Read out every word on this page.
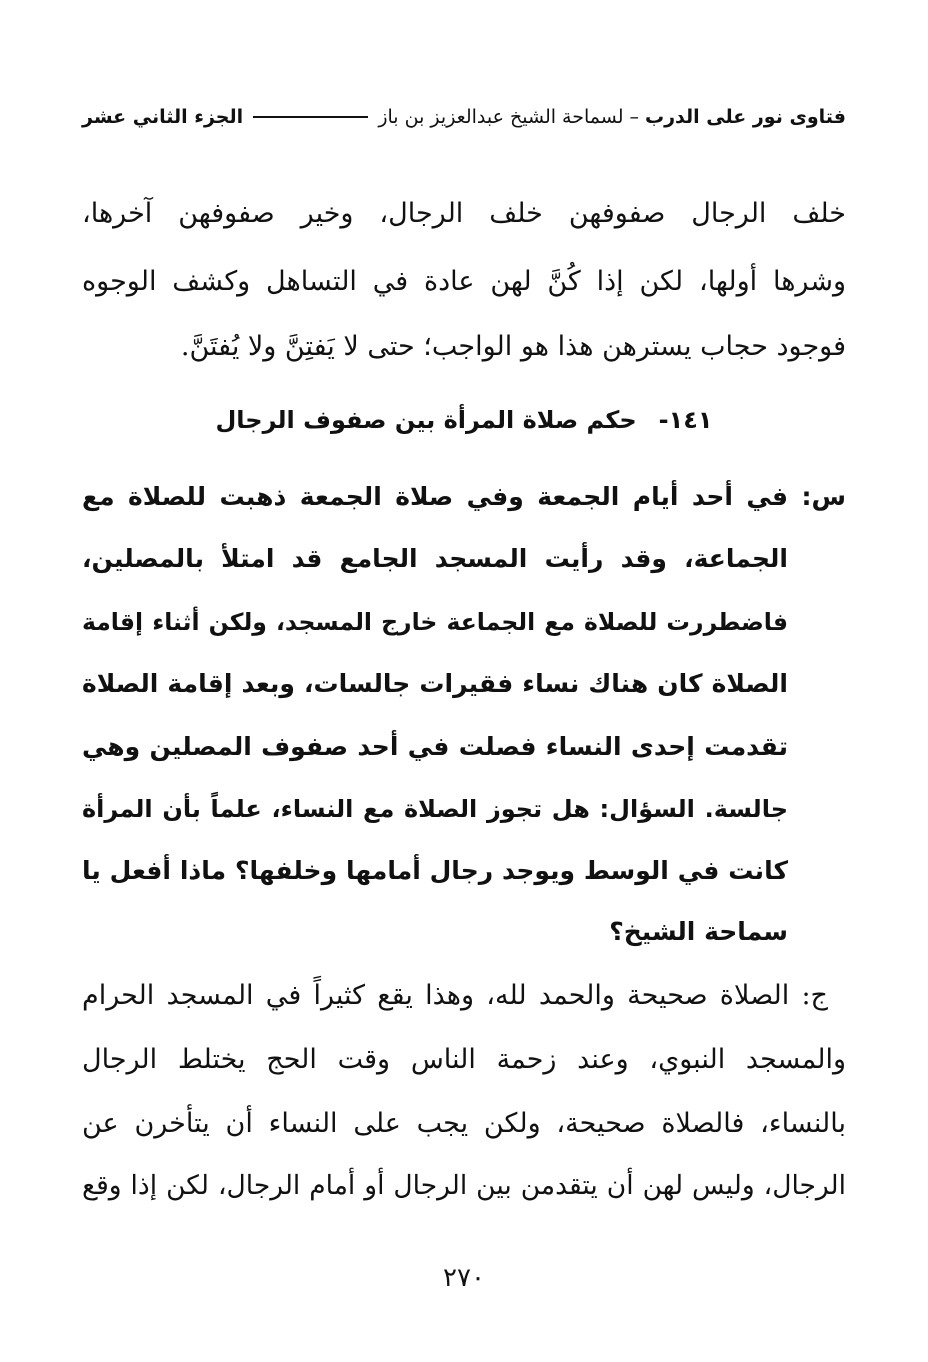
فتاوى نور على الدرب
–
لسماحة الشيخ عبدالعزيز بن باز
الجزء الثاني عشر
خلف الرجال صفوفهن خلف الرجال، وخير صفوفهن آخرها،
وشرها أولها، لكن إذا كُنَّ لهن عادة في التساهل وكشف الوجوه
فوجود حجاب يسترهن هذا هو الواجب؛ حتى لا يَفتِنَّ ولا يُفتَنَّ.
١٤١-حكم صلاة المرأة بين صفوف الرجال
س: في أحد أيام الجمعة وفي صلاة الجمعة ذهبت للصلاة مع
الجماعة، وقد رأيت المسجد الجامع قد امتلأ بالمصلين،
فاضطررت للصلاة مع الجماعة خارج المسجد، ولكن أثناء إقامة
الصلاة كان هناك نساء فقيرات جالسات، وبعد إقامة الصلاة
تقدمت إحدى النساء فصلت في أحد صفوف المصلين وهي
جالسة. السؤال: هل تجوز الصلاة مع النساء، علماً بأن المرأة
كانت في الوسط ويوجد رجال أمامها وخلفها؟ ماذا أفعل يا
سماحة الشيخ؟
ج: الصلاة صحيحة والحمد لله، وهذا يقع كثيراً في المسجد الحرام
والمسجد النبوي، وعند زحمة الناس وقت الحج يختلط الرجال
بالنساء، فالصلاة صحيحة، ولكن يجب على النساء أن يتأخرن عن
الرجال، وليس لهن أن يتقدمن بين الرجال أو أمام الرجال، لكن إذا وقع
٢٧٠
